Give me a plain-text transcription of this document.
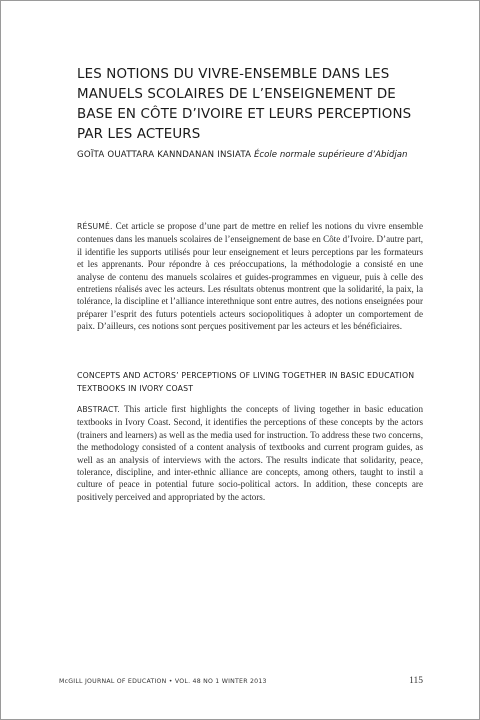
LES NOTIONS DU VIVRE-ENSEMBLE DANS LES MANUELS SCOLAIRES DE L’ENSEIGNEMENT DE BASE EN CÔTE D’IVOIRE ET LEURS PERCEPTIONS PAR LES ACTEURS
GOÏTA OUATTARA KANNDANAN INSIATA École normale supérieure d’Abidjan

RÉSUMÉ. Cet article se propose d’une part de mettre en relief les notions du vivre ensemble contenues dans les manuels scolaires de l’enseignement de base en Côte d’Ivoire. D’autre part, il identifie les supports utilisés pour leur enseignement et leurs perceptions par les formateurs et les apprenants. Pour répondre à ces préoccupations, la méthodologie a consisté en une analyse de contenu des manuels scolaires et guides-programmes en vigueur, puis à celle des entretiens réalisés avec les acteurs. Les résultats obtenus montrent que la solidarité, la paix, la tolérance, la discipline et l’alliance interethnique sont entre autres, des notions enseignées pour préparer l’esprit des futurs potentiels acteurs sociopolitiques à adopter un comportement de paix. D’ailleurs, ces notions sont perçues positivement par les acteurs et les bénéficiaires.

CONCEPTS AND ACTORS’ PERCEPTIONS OF LIVING TOGETHER IN BASIC EDUCATION TEXTBOOKS IN IVORY COAST

ABSTRACT. This article first highlights the concepts of living together in basic education textbooks in Ivory Coast. Second, it identifies the perceptions of these concepts by the actors (trainers and learners) as well as the media used for instruction. To address these two concerns, the methodology consisted of a content analysis of textbooks and current program guides, as well as an analysis of interviews with the actors. The results indicate that solidarity, peace, tolerance, discipline, and inter-ethnic alliance are concepts, among others, taught to instil a culture of peace in potential future socio-political actors. In addition, these concepts are positively perceived and appropriated by the actors.

McGILL JOURNAL OF EDUCATION • VOL. 48 NO 1 WINTER 2013	115
